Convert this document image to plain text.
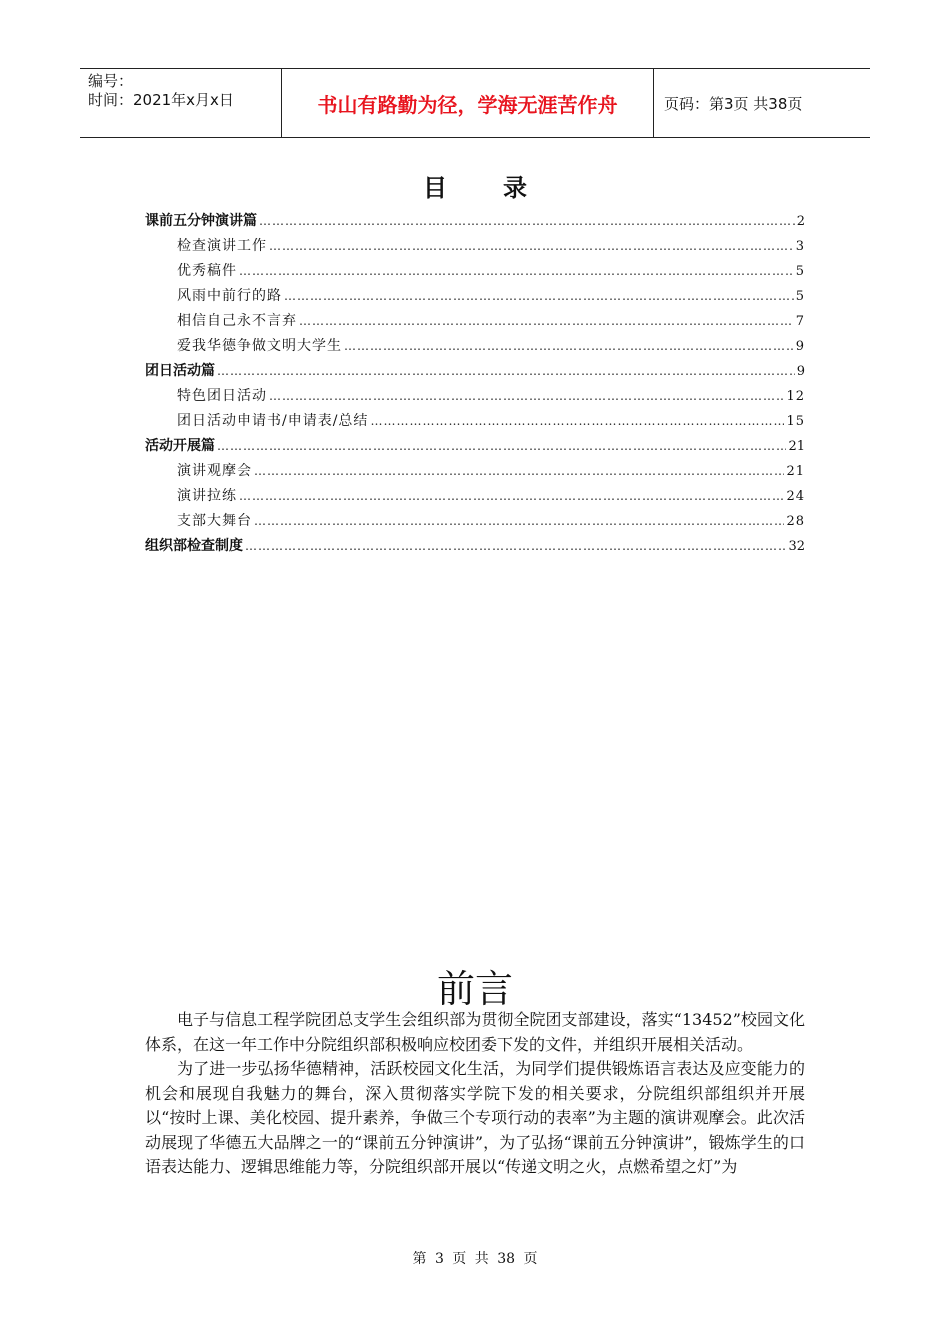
编号：
时间：2021年x月x日	书山有路勤为径，学海无涯苦作舟	页码：第3页 共38页
目录
课前五分钟演讲篇 …………………………………………………………………………………………………………………………………………………………………………………………………………	2
检查演讲工作 …………………………………………………………………………………………………………………………………………………………………………………………………………	3
优秀稿件 …………………………………………………………………………………………………………………………………………………………………………………………………………	5
风雨中前行的路 …………………………………………………………………………………………………………………………………………………………………………………………………………	5
相信自己永不言弃 …………………………………………………………………………………………………………………………………………………………………………………………………………	7
爱我华德争做文明大学生 …………………………………………………………………………………………………………………………………………………………………………………………………………	9
团日活动篇 …………………………………………………………………………………………………………………………………………………………………………………………………………	9
特色团日活动 …………………………………………………………………………………………………………………………………………………………………………………………………………	12
团日活动申请书/申请表/总结 …………………………………………………………………………………………………………………………………………………………………………………………………………	15
活动开展篇 …………………………………………………………………………………………………………………………………………………………………………………………………………	21
演讲观摩会 …………………………………………………………………………………………………………………………………………………………………………………………………………	21
演讲拉练 …………………………………………………………………………………………………………………………………………………………………………………………………………	24
支部大舞台 …………………………………………………………………………………………………………………………………………………………………………………………………………	28
组织部检查制度 …………………………………………………………………………………………………………………………………………………………………………………………………………	32
前言

电子与信息工程学院团总支学生会组织部为贯彻全院团支部建设，落实“13452”校园文化体系，在这一年工作中分院组织部积极响应校团委下发的文件，并组织开展相关活动。

为了进一步弘扬华德精神，活跃校园文化生活，为同学们提供锻炼语言表达及应变能力的机会和展现自我魅力的舞台，深入贯彻落实学院下发的相关要求，分院组织部组织并开展以“按时上课、美化校园、提升素养，争做三个专项行动的表率”为主题的演讲观摩会。此次活动展现了华德五大品牌之一的“课前五分钟演讲”，为了弘扬“课前五分钟演讲”，锻炼学生的口语表达能力、逻辑思维能力等，分院组织部开展以“传递文明之火，点燃希望之灯”为

第 3 页 共 38 页
